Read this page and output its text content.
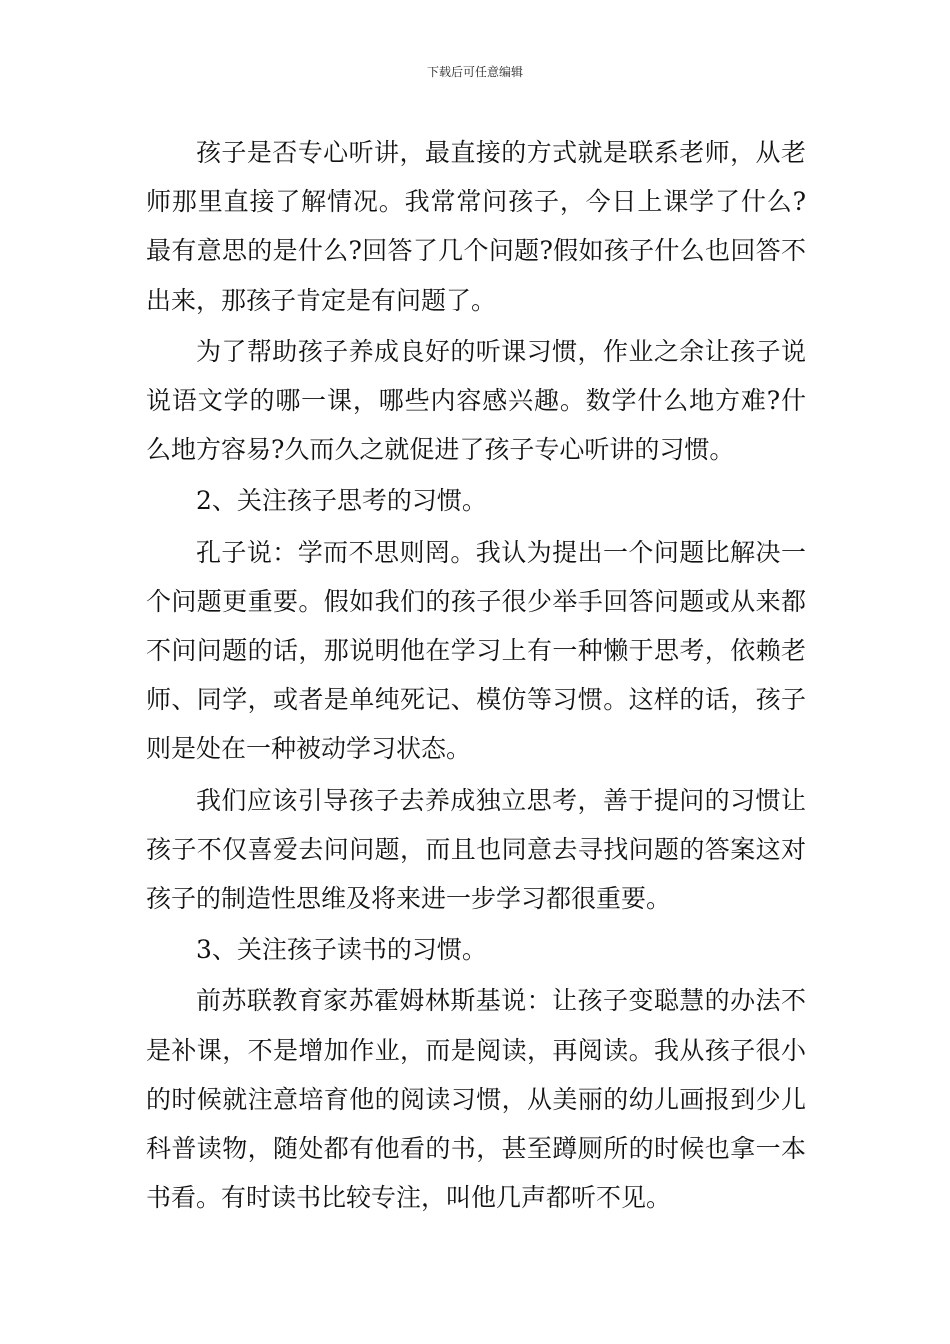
下载后可任意编辑

孩子是否专心听讲，最直接的方式就是联系老师，从老师那里直接了解情况。我常常问孩子，今日上课学了什么?最有意思的是什么?回答了几个问题?假如孩子什么也回答不出来，那孩子肯定是有问题了。

为了帮助孩子养成良好的听课习惯，作业之余让孩子说说语文学的哪一课，哪些内容感兴趣。数学什么地方难?什么地方容易?久而久之就促进了孩子专心听讲的习惯。

2、关注孩子思考的习惯。

孔子说：学而不思则罔。我认为提出一个问题比解决一个问题更重要。假如我们的孩子很少举手回答问题或从来都不问问题的话，那说明他在学习上有一种懒于思考，依赖老师、同学，或者是单纯死记、模仿等习惯。这样的话，孩子则是处在一种被动学习状态。

我们应该引导孩子去养成独立思考，善于提问的习惯让孩子不仅喜爱去问问题，而且也同意去寻找问题的答案这对孩子的制造性思维及将来进一步学习都很重要。

3、关注孩子读书的习惯。

前苏联教育家苏霍姆林斯基说：让孩子变聪慧的办法不是补课，不是增加作业，而是阅读，再阅读。我从孩子很小的时候就注意培育他的阅读习惯，从美丽的幼儿画报到少儿科普读物，随处都有他看的书，甚至蹲厕所的时候也拿一本书看。有时读书比较专注，叫他几声都听不见。
